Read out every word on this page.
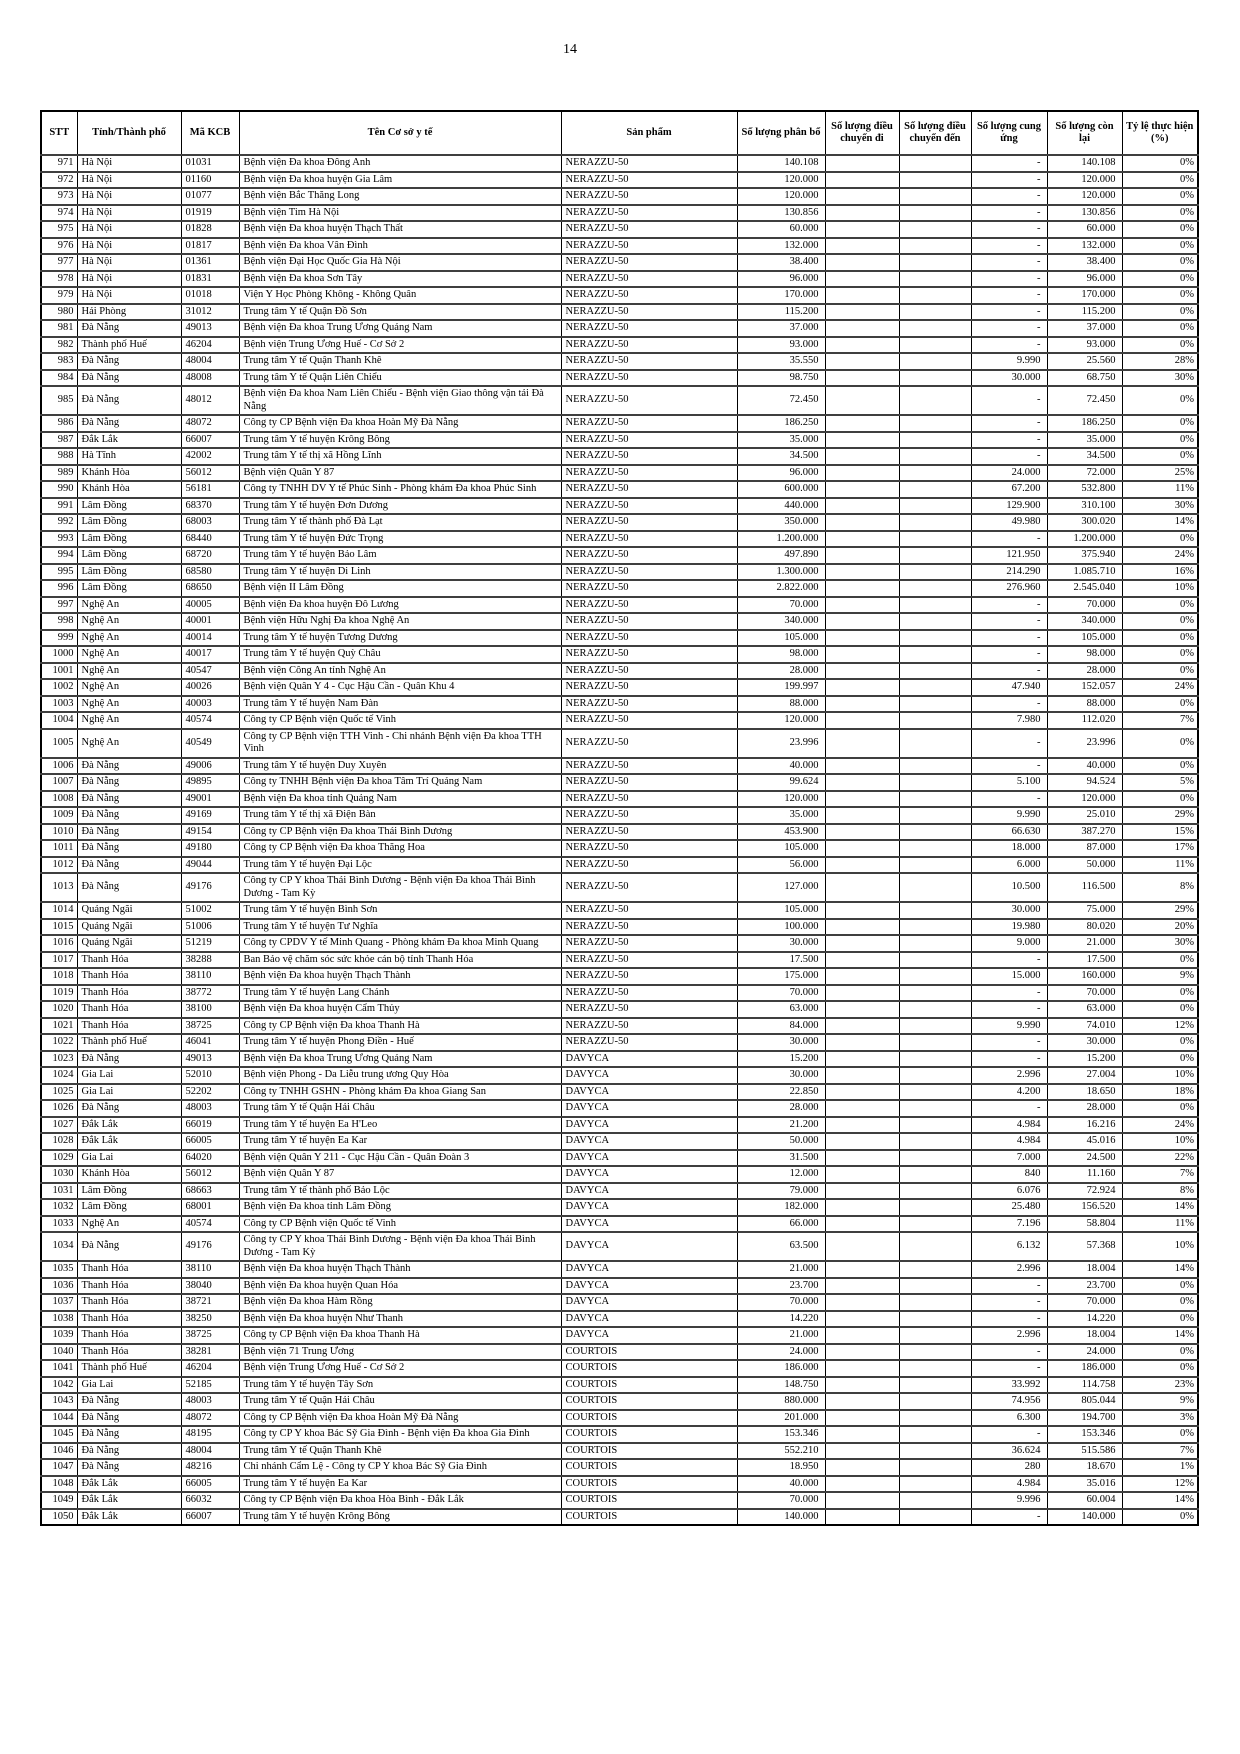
14
STT	Tỉnh/Thành phố	Mã KCB	Tên Cơ sở y tế	Sản phẩm	Số lượng phân bổ	Số lượng điều chuyển đi	Số lượng điều chuyển đến	Số lượng cung ứng	Số lượng còn lại	Tỷ lệ thực hiện (%)
971	Hà Nội	01031	Bệnh viện Đa khoa Đông Anh	NERAZZU-50	140.108			-	140.108	0%
972	Hà Nội	01160	Bệnh viện Đa khoa huyện Gia Lâm	NERAZZU-50	120.000			-	120.000	0%
973	Hà Nội	01077	Bệnh viện Bắc Thăng Long	NERAZZU-50	120.000			-	120.000	0%
974	Hà Nội	01919	Bệnh viện Tim Hà Nội	NERAZZU-50	130.856			-	130.856	0%
975	Hà Nội	01828	Bệnh viện Đa khoa huyện Thạch Thất	NERAZZU-50	60.000			-	60.000	0%
976	Hà Nội	01817	Bệnh viện Đa khoa Vân Đình	NERAZZU-50	132.000			-	132.000	0%
977	Hà Nội	01361	Bệnh viện Đại Học Quốc Gia Hà Nội	NERAZZU-50	38.400			-	38.400	0%
978	Hà Nội	01831	Bệnh viện Đa khoa Sơn Tây	NERAZZU-50	96.000			-	96.000	0%
979	Hà Nội	01018	Viện Y Học Phòng Không - Không Quân	NERAZZU-50	170.000			-	170.000	0%
980	Hải Phòng	31012	Trung tâm Y tế Quận Đồ Sơn	NERAZZU-50	115.200			-	115.200	0%
981	Đà Nẵng	49013	Bệnh viện Đa khoa Trung Ương Quảng Nam	NERAZZU-50	37.000			-	37.000	0%
982	Thành phố Huế	46204	Bệnh viện Trung Ương Huế - Cơ Sở 2	NERAZZU-50	93.000			-	93.000	0%
983	Đà Nẵng	48004	Trung tâm Y tế Quận Thanh Khê	NERAZZU-50	35.550			9.990	25.560	28%
984	Đà Nẵng	48008	Trung tâm Y tế Quận Liên Chiểu	NERAZZU-50	98.750			30.000	68.750	30%
985	Đà Nẵng	48012	Bệnh viện Đa khoa Nam Liên Chiểu - Bệnh viện Giao thông vận tải Đà Nẵng	NERAZZU-50	72.450			-	72.450	0%
986	Đà Nẵng	48072	Công ty CP Bệnh viện Đa khoa Hoàn Mỹ Đà Nẵng	NERAZZU-50	186.250			-	186.250	0%
987	Đắk Lắk	66007	Trung tâm Y tế huyện Krông Bông	NERAZZU-50	35.000			-	35.000	0%
988	Hà Tĩnh	42002	Trung tâm Y tế thị xã Hồng Lĩnh	NERAZZU-50	34.500			-	34.500	0%
989	Khánh Hòa	56012	Bệnh viện Quân Y 87	NERAZZU-50	96.000			24.000	72.000	25%
990	Khánh Hòa	56181	Công ty TNHH DV Y tế Phúc Sinh - Phòng khám Đa khoa Phúc Sinh	NERAZZU-50	600.000			67.200	532.800	11%
991	Lâm Đồng	68370	Trung tâm Y tế huyện Đơn Dương	NERAZZU-50	440.000			129.900	310.100	30%
992	Lâm Đồng	68003	Trung tâm Y tế thành phố Đà Lạt	NERAZZU-50	350.000			49.980	300.020	14%
993	Lâm Đồng	68440	Trung tâm Y tế huyện Đức Trọng	NERAZZU-50	1.200.000			-	1.200.000	0%
994	Lâm Đồng	68720	Trung tâm Y tế huyện Bảo Lâm	NERAZZU-50	497.890			121.950	375.940	24%
995	Lâm Đồng	68580	Trung tâm Y tế huyện Di Linh	NERAZZU-50	1.300.000			214.290	1.085.710	16%
996	Lâm Đồng	68650	Bệnh viện II Lâm Đồng	NERAZZU-50	2.822.000			276.960	2.545.040	10%
997	Nghệ An	40005	Bệnh viện Đa khoa huyện Đô Lương	NERAZZU-50	70.000			-	70.000	0%
998	Nghệ An	40001	Bệnh viện Hữu Nghị Đa khoa Nghệ An	NERAZZU-50	340.000			-	340.000	0%
999	Nghệ An	40014	Trung tâm Y tế huyện Tương Dương	NERAZZU-50	105.000			-	105.000	0%
1000	Nghệ An	40017	Trung tâm Y tế huyện Quỳ Châu	NERAZZU-50	98.000			-	98.000	0%
1001	Nghệ An	40547	Bệnh viện Công An tỉnh Nghệ An	NERAZZU-50	28.000			-	28.000	0%
1002	Nghệ An	40026	Bệnh viện Quân Y 4 - Cục Hậu Cần - Quân Khu 4	NERAZZU-50	199.997			47.940	152.057	24%
1003	Nghệ An	40003	Trung tâm Y tế huyện Nam Đàn	NERAZZU-50	88.000			-	88.000	0%
1004	Nghệ An	40574	Công ty CP Bệnh viện Quốc tế Vinh	NERAZZU-50	120.000			7.980	112.020	7%
1005	Nghệ An	40549	Công ty CP Bệnh viện TTH Vinh - Chi nhánh Bệnh viện Đa khoa TTH Vinh	NERAZZU-50	23.996			-	23.996	0%
1006	Đà Nẵng	49006	Trung tâm Y tế huyện Duy Xuyên	NERAZZU-50	40.000			-	40.000	0%
1007	Đà Nẵng	49895	Công ty TNHH Bệnh viện Đa khoa Tâm Trí Quảng Nam	NERAZZU-50	99.624			5.100	94.524	5%
1008	Đà Nẵng	49001	Bệnh viện Đa khoa tỉnh Quảng Nam	NERAZZU-50	120.000			-	120.000	0%
1009	Đà Nẵng	49169	Trung tâm Y tế thị xã Điện Bàn	NERAZZU-50	35.000			9.990	25.010	29%
1010	Đà Nẵng	49154	Công ty CP Bệnh viện Đa khoa Thái Bình Dương	NERAZZU-50	453.900			66.630	387.270	15%
1011	Đà Nẵng	49180	Công ty CP Bệnh viện Đa khoa Thăng Hoa	NERAZZU-50	105.000			18.000	87.000	17%
1012	Đà Nẵng	49044	Trung tâm Y tế huyện Đại Lộc	NERAZZU-50	56.000			6.000	50.000	11%
1013	Đà Nẵng	49176	Công ty CP Y khoa Thái Bình Dương - Bệnh viện Đa khoa Thái Bình Dương - Tam Kỳ	NERAZZU-50	127.000			10.500	116.500	8%
1014	Quảng Ngãi	51002	Trung tâm Y tế huyện Bình Sơn	NERAZZU-50	105.000			30.000	75.000	29%
1015	Quảng Ngãi	51006	Trung tâm Y tế huyện Tư Nghĩa	NERAZZU-50	100.000			19.980	80.020	20%
1016	Quảng Ngãi	51219	Công ty CPDV Y tế Minh Quang - Phòng khám Đa khoa Minh Quang	NERAZZU-50	30.000			9.000	21.000	30%
1017	Thanh Hóa	38288	Ban Bảo vệ chăm sóc sức khỏe cán bộ tỉnh Thanh Hóa	NERAZZU-50	17.500			-	17.500	0%
1018	Thanh Hóa	38110	Bệnh viện Đa khoa huyện Thạch Thành	NERAZZU-50	175.000			15.000	160.000	9%
1019	Thanh Hóa	38772	Trung tâm Y tế huyện Lang Chánh	NERAZZU-50	70.000			-	70.000	0%
1020	Thanh Hóa	38100	Bệnh viện Đa khoa huyện Cẩm Thủy	NERAZZU-50	63.000			-	63.000	0%
1021	Thanh Hóa	38725	Công ty CP Bệnh viện Đa khoa Thanh Hà	NERAZZU-50	84.000			9.990	74.010	12%
1022	Thành phố Huế	46041	Trung tâm Y tế huyện Phong Điền - Huế	NERAZZU-50	30.000			-	30.000	0%
1023	Đà Nẵng	49013	Bệnh viện Đa khoa Trung Ương Quảng Nam	DAVYCA	15.200			-	15.200	0%
1024	Gia Lai	52010	Bệnh viện Phong - Da Liễu trung ương Quy Hòa	DAVYCA	30.000			2.996	27.004	10%
1025	Gia Lai	52202	Công ty TNHH GSHN - Phòng khám Đa khoa Giang San	DAVYCA	22.850			4.200	18.650	18%
1026	Đà Nẵng	48003	Trung tâm Y tế Quận Hải Châu	DAVYCA	28.000			-	28.000	0%
1027	Đắk Lắk	66019	Trung tâm Y tế huyện Ea H'Leo	DAVYCA	21.200			4.984	16.216	24%
1028	Đắk Lắk	66005	Trung tâm Y tế huyện Ea Kar	DAVYCA	50.000			4.984	45.016	10%
1029	Gia Lai	64020	Bệnh viện Quân Y 211 - Cục Hậu Cần - Quân Đoàn 3	DAVYCA	31.500			7.000	24.500	22%
1030	Khánh Hòa	56012	Bệnh viện Quân Y 87	DAVYCA	12.000			840	11.160	7%
1031	Lâm Đồng	68663	Trung tâm Y tế thành phố Bảo Lộc	DAVYCA	79.000			6.076	72.924	8%
1032	Lâm Đồng	68001	Bệnh viện Đa khoa tỉnh Lâm Đồng	DAVYCA	182.000			25.480	156.520	14%
1033	Nghệ An	40574	Công ty CP Bệnh viện Quốc tế Vinh	DAVYCA	66.000			7.196	58.804	11%
1034	Đà Nẵng	49176	Công ty CP Y khoa Thái Bình Dương - Bệnh viện Đa khoa Thái Bình Dương - Tam Kỳ	DAVYCA	63.500			6.132	57.368	10%
1035	Thanh Hóa	38110	Bệnh viện Đa khoa huyện Thạch Thành	DAVYCA	21.000			2.996	18.004	14%
1036	Thanh Hóa	38040	Bệnh viện Đa khoa huyện Quan Hóa	DAVYCA	23.700			-	23.700	0%
1037	Thanh Hóa	38721	Bệnh viện Đa khoa Hàm Rồng	DAVYCA	70.000			-	70.000	0%
1038	Thanh Hóa	38250	Bệnh viện Đa khoa huyện Như Thanh	DAVYCA	14.220			-	14.220	0%
1039	Thanh Hóa	38725	Công ty CP Bệnh viện Đa khoa Thanh Hà	DAVYCA	21.000			2.996	18.004	14%
1040	Thanh Hóa	38281	Bệnh viện 71 Trung Ương	COURTOIS	24.000			-	24.000	0%
1041	Thành phố Huế	46204	Bệnh viện Trung Ương Huế - Cơ Sở 2	COURTOIS	186.000			-	186.000	0%
1042	Gia Lai	52185	Trung tâm Y tế huyện Tây Sơn	COURTOIS	148.750			33.992	114.758	23%
1043	Đà Nẵng	48003	Trung tâm Y tế Quận Hải Châu	COURTOIS	880.000			74.956	805.044	9%
1044	Đà Nẵng	48072	Công ty CP Bệnh viện Đa khoa Hoàn Mỹ Đà Nẵng	COURTOIS	201.000			6.300	194.700	3%
1045	Đà Nẵng	48195	Công ty CP Y khoa Bác Sỹ Gia Đình - Bệnh viện Đa khoa Gia Đình	COURTOIS	153.346			-	153.346	0%
1046	Đà Nẵng	48004	Trung tâm Y tế Quận Thanh Khê	COURTOIS	552.210			36.624	515.586	7%
1047	Đà Nẵng	48216	Chi nhánh Cẩm Lệ - Công ty CP Y khoa Bác Sỹ Gia Đình	COURTOIS	18.950			280	18.670	1%
1048	Đắk Lắk	66005	Trung tâm Y tế huyện Ea Kar	COURTOIS	40.000			4.984	35.016	12%
1049	Đắk Lắk	66032	Công ty CP Bệnh viện Đa khoa Hòa Bình - Đắk Lắk	COURTOIS	70.000			9.996	60.004	14%
1050	Đắk Lắk	66007	Trung tâm Y tế huyện Krông Bông	COURTOIS	140.000			-	140.000	0%
